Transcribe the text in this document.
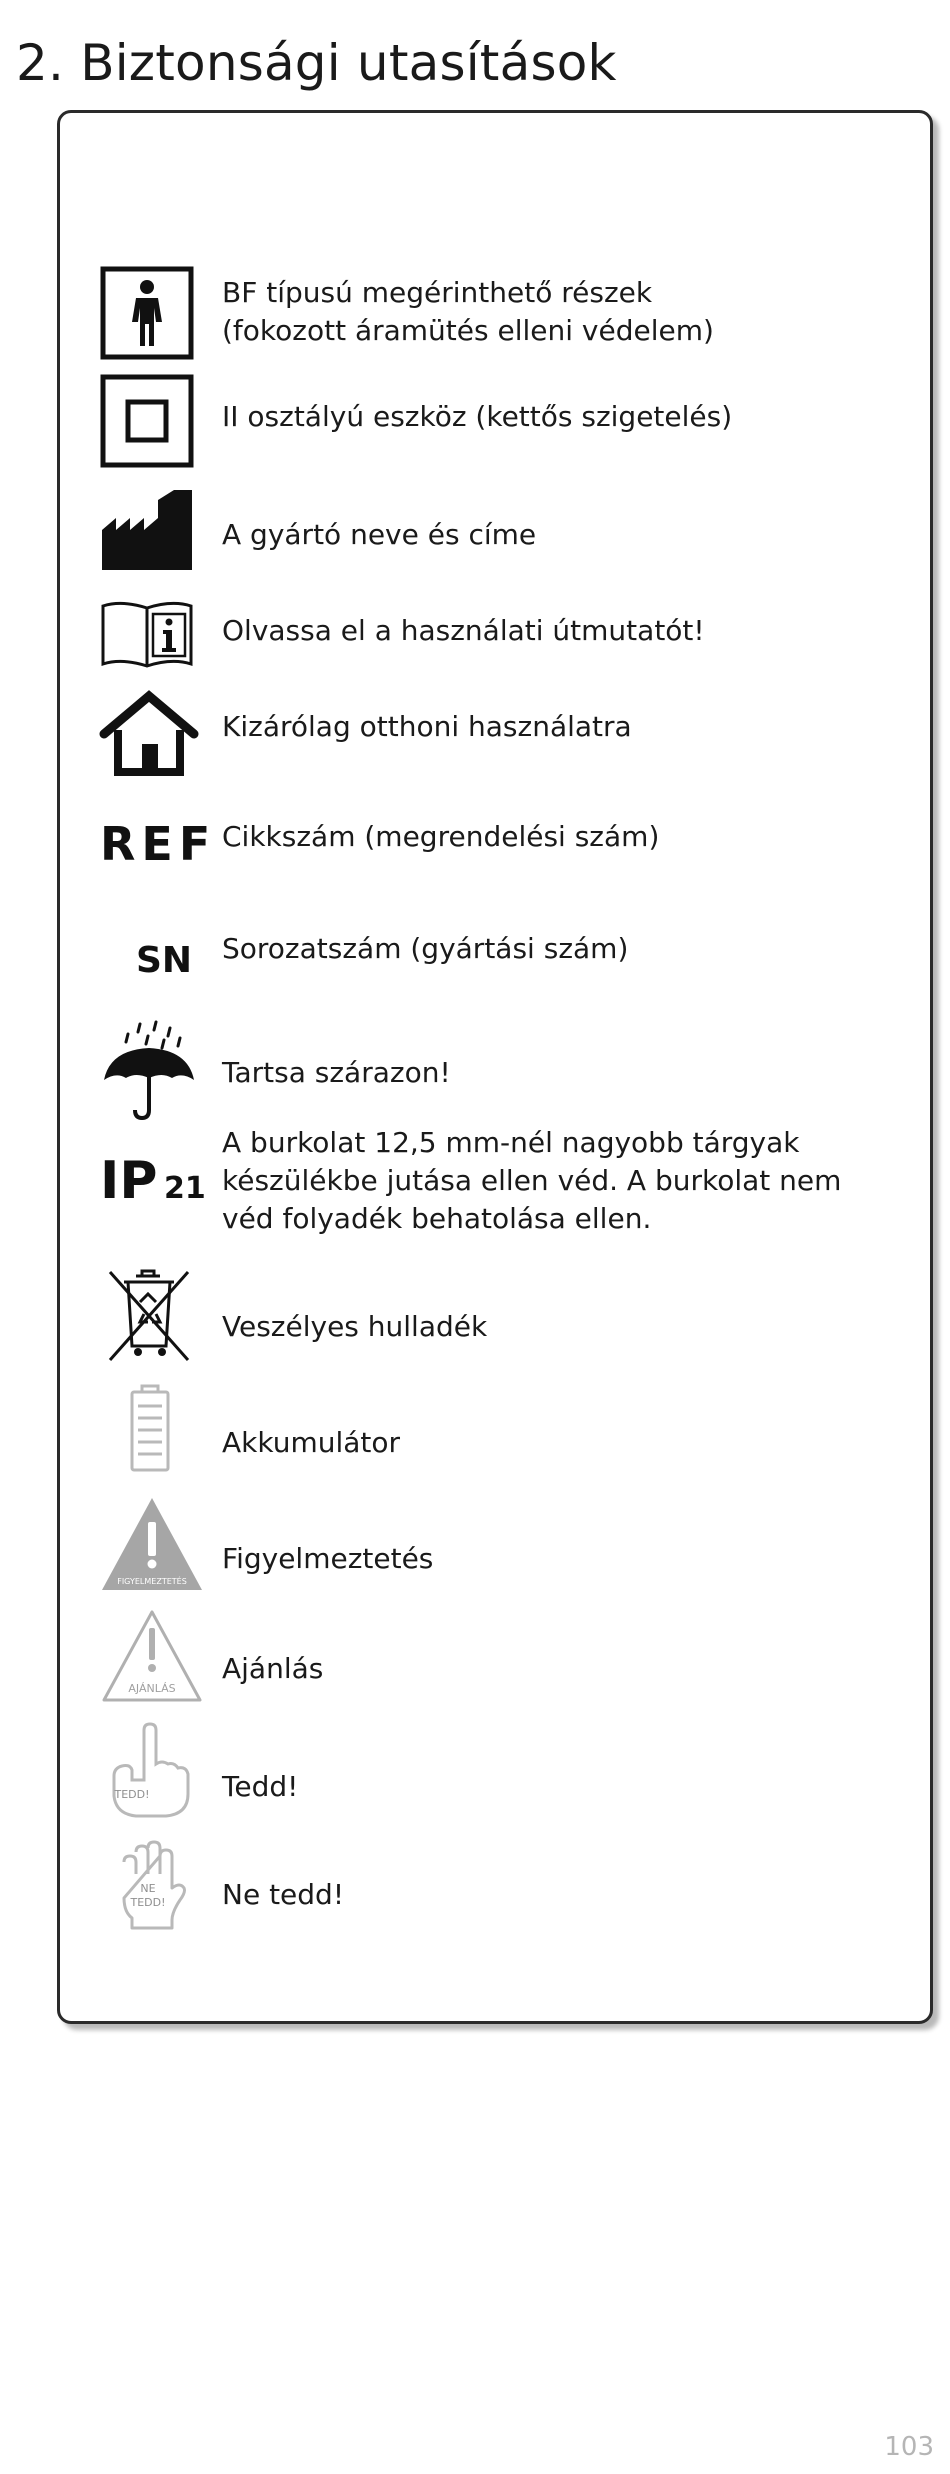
2. Biztonsági utasítások
BF típusú megérinthető részek
(fokozott áramütés elleni védelem)
II osztályú eszköz (kettős szigetelés)
A gyártó neve és címe
Olvassa el a használati útmutatót!
Kizárólag otthoni használatra
REF Cikkszám (megrendelési szám)
SN Sorozatszám (gyártási szám)
Tartsa szárazon!
IP 21
A burkolat 12,5 mm-nél nagyobb tárgyak
készülékbe jutása ellen véd. A burkolat nem
véd folyadék behatolása ellen.
Veszélyes hulladék
Akkumulátor
FIGYELMEZTETÉS
Figyelmeztetés
AJÁNLÁS
Ajánlás
TEDD!	Tedd!
NE
TEDD! Ne tedd!
103
